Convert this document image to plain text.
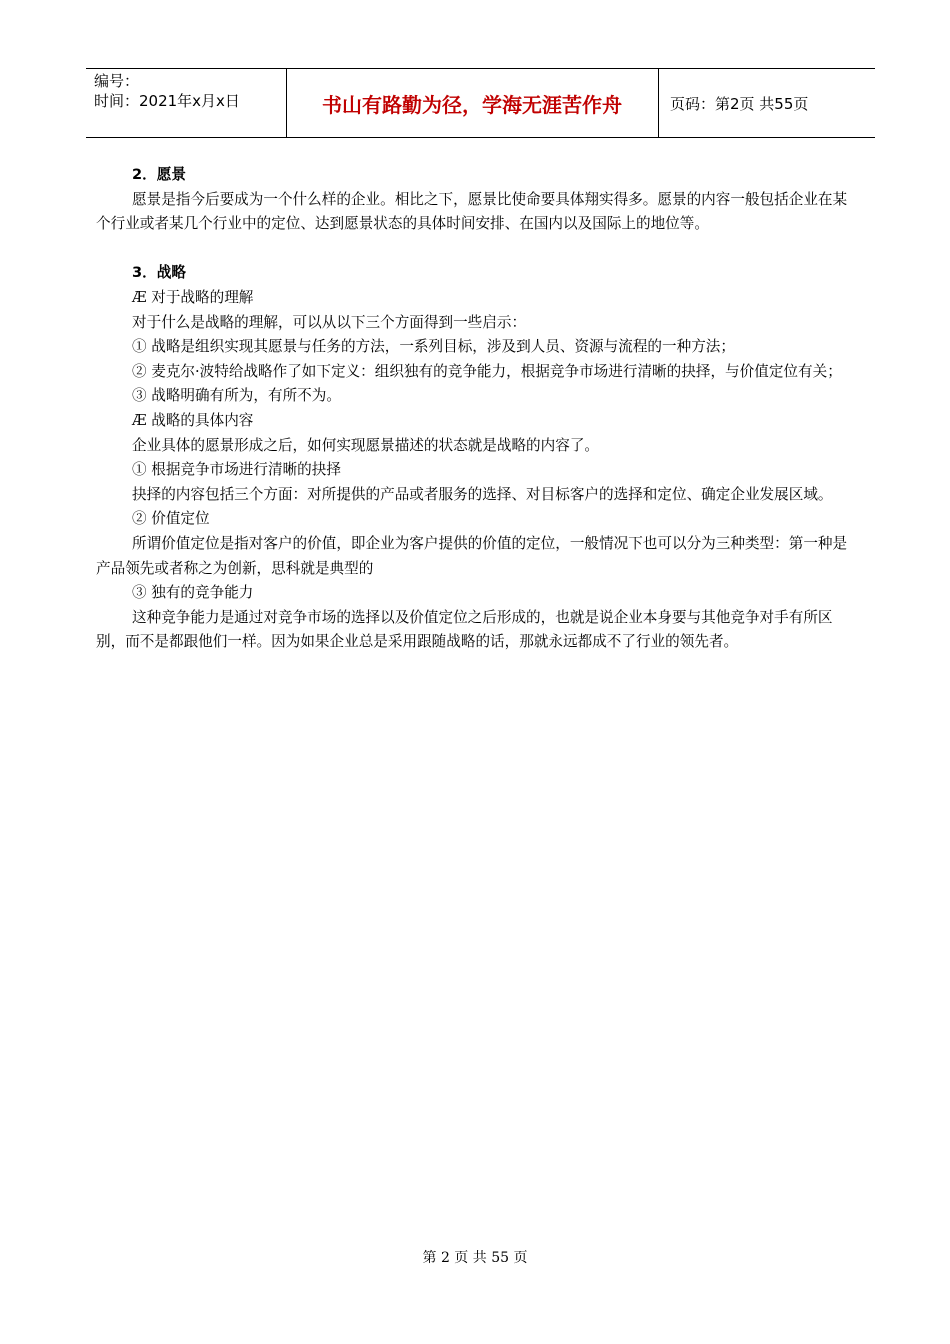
编号：
时间：2021年x月x日	书山有路勤为径，学海无涯苦作舟	页码：第2页 共55页

2．愿景

愿景是指今后要成为一个什么样的企业。相比之下，愿景比使命要具体翔实得多。愿景的内容一般包括企业在某个行业或者某几个行业中的定位、达到愿景状态的具体时间安排、在国内以及国际上的地位等。

3．战略

Æ 对于战略的理解

对于什么是战略的理解，可以从以下三个方面得到一些启示：

① 战略是组织实现其愿景与任务的方法，一系列目标，涉及到人员、资源与流程的一种方法；

② 麦克尔·波特给战略作了如下定义：组织独有的竞争能力，根据竞争市场进行清晰的抉择，与价值定位有关；

③ 战略明确有所为，有所不为。

Æ 战略的具体内容

企业具体的愿景形成之后，如何实现愿景描述的状态就是战略的内容了。

① 根据竞争市场进行清晰的抉择

抉择的内容包括三个方面：对所提供的产品或者服务的选择、对目标客户的选择和定位、确定企业发展区域。

② 价值定位

所谓价值定位是指对客户的价值，即企业为客户提供的价值的定位，一般情况下也可以分为三种类型：第一种是产品领先或者称之为创新，思科就是典型的

③ 独有的竞争能力

这种竞争能力是通过对竞争市场的选择以及价值定位之后形成的，也就是说企业本身要与其他竞争对手有所区别，而不是都跟他们一样。因为如果企业总是采用跟随战略的话，那就永远都成不了行业的领先者。

第 2 页 共 55 页
